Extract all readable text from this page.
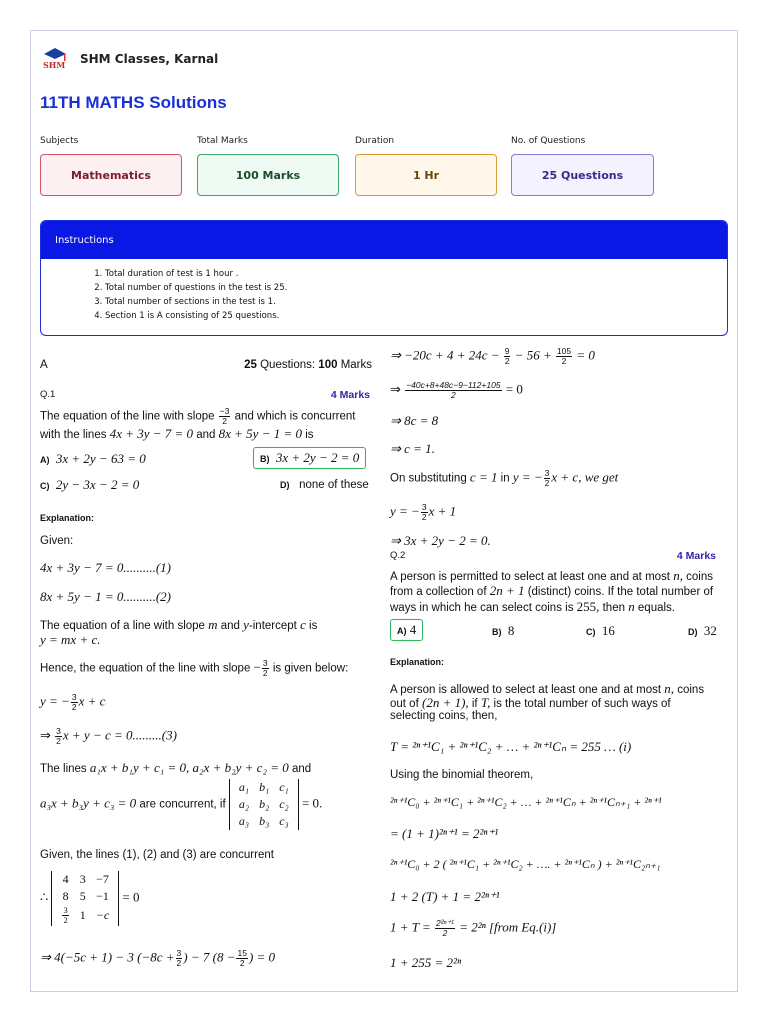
SHM SHM Classes, Karnal
11TH MATHS Solutions
Subjects	Total Marks	Duration	No. of Questions
Mathematics	100 Marks	1 Hr	25 Questions
Instructions
1. Total duration of test is 1 hour .
2. Total number of questions in the test is 25.
3. Total number of sections in the test is 1.
4. Section 1 is A consisting of 25 questions.
A	25 Questions: 100 Marks
Q.1	4 Marks
The equation of the line with slope $\frac{-3}{2}$ and which is concurrent
with the lines 4x + 3y − 7 = 0 and 8x + 5y − 1 = 0 is
A) 3x + 2y − 63 = 0	B) 3x + 2y − 2 = 0
C) 2y − 3x − 2 = 0	D) none of these
Explanation:
Given:
4x + 3y − 7 = 0..........(1)
8x + 5y − 1 = 0..........(2)
The equation of a line with slope m and y-intercept c is
y = mx + c.
Hence, the equation of the line with slope − $\frac{3}{2}$ is given below:
y = − $\frac{3}{2}$ x + c
⇒ $\frac{3}{2}$ x + y − c = 0.........(3)
The lines a₁x + b₁y + c₁ = 0, a₂x + b₂y + c₂ = 0 and
a₃x + b₃y + c₃ = 0 are concurrent, if
a₁	b₁	c₁
a₂	b₂	c₂
a₃	b₃	c₃
= 0.
Given, the lines (1), (2) and (3) are concurrent
∴
4	3	−7
8	5	−1

$\frac{3}{2}$	1	−c
= 0
⇒ 4(−5c + 1) − 3 ($-8c + \frac{3}{2}$ ) − 7 ($8 - \frac{15}{2}$ ) = 0
⇒ $-20c + 4 + 24c - \frac{9}{2} - 56 + \frac{105}{2} = 0$
⇒ $\frac{-40c+8+48c-9-112+105}{2} = 0$
⇒ 8c = 8
⇒ c = 1.
On substituting c = 1 in y = − $\frac{3}{2}$ x + c, we get
y = − $\frac{3}{2}$ x + 1
⇒ 3x + 2y − 2 = 0.
Q.2	4 Marks
A person is permitted to select at least one and at most n, coins
from a collection of 2n + 1 (distinct) coins. If the total number of
ways in which he can select coins is 255, then n equals.
A) 4	B) 8	C) 16	D) 32
Explanation:
A person is allowed to select at least one and at most n, coins
out of (2n + 1), if T, is the total number of such ways of
selecting coins, then,
T = ²ⁿ⁺¹C₁ + ²ⁿ⁺¹C₂ + … + ²ⁿ⁺¹Cₙ = 255 … (i)
Using the binomial theorem,
²ⁿ⁺¹C₀ + ²ⁿ⁺¹C₁ + ²ⁿ⁺¹C₂ + … + ²ⁿ⁺¹Cₙ + ²ⁿ⁺¹Cₙ₊₁ + ²ⁿ⁺¹
= (1 + 1)²ⁿ⁺¹ = 2²ⁿ⁺¹
²ⁿ⁺¹C₀ + 2 ( ²ⁿ⁺¹C₁ + ²ⁿ⁺¹C₂ + …. + ²ⁿ⁺¹Cₙ ) + ²ⁿ⁺¹C₂ₙ₊₁
1 + 2 (T) + 1 = 2²ⁿ⁺¹
$1 + T = \frac{\text{2²ⁿ⁺¹}}{2} = 2^{2n}$ [from Eq.(i)]
1 + 255 = 2²ⁿ
